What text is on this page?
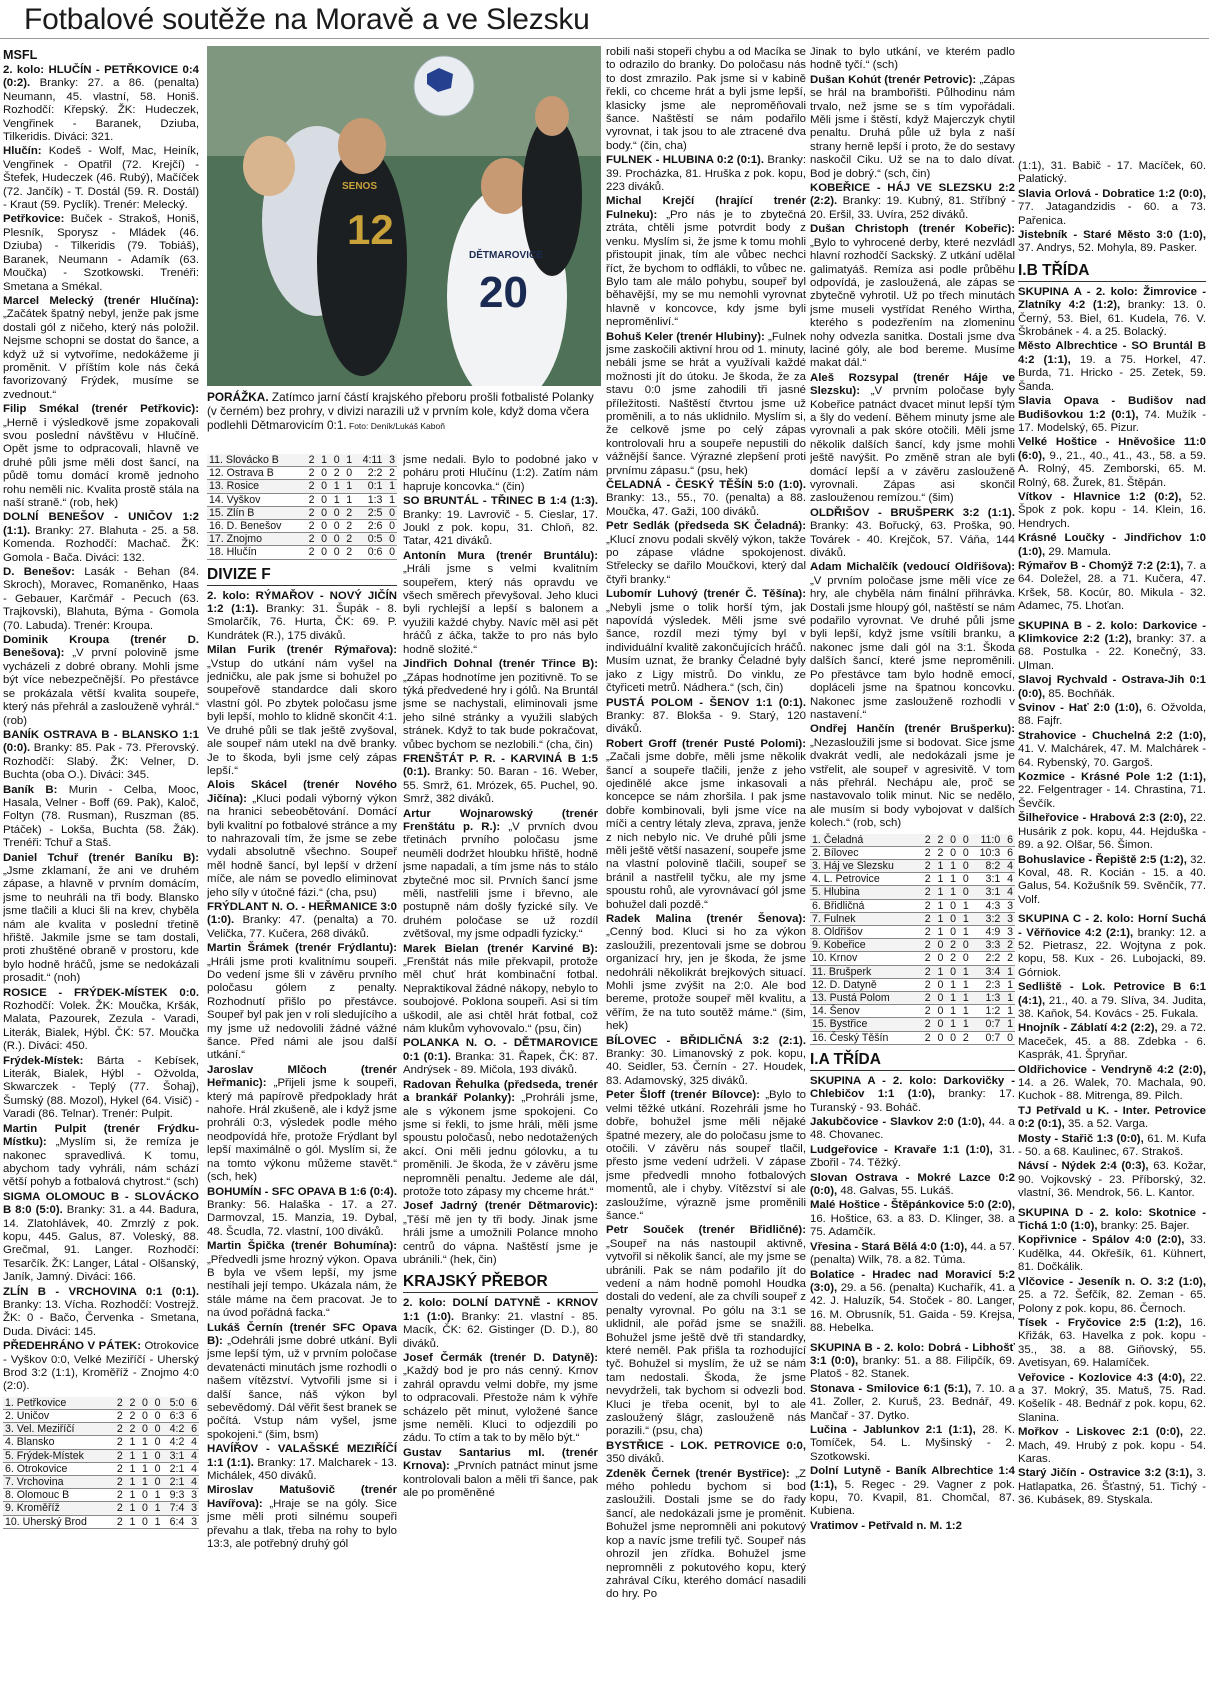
Fotbalové soutěže na Moravě a ve Slezsku
MSFL

2. kolo: HLUČÍN - PETŘKOVICE 0:4 (0:2). Branky: 27. a 86. (penalta) Neumann, 45. vlastní, 58. Honiš. Rozhodčí: Křepský. ŽK: Hudeczek, Vengřinek - Baranek, Dziuba, Tilkeridis. Diváci: 321.

Hlučín: Kodeš - Wolf, Mac, Heiník, Vengřinek - Opatřil (72. Krejčí) - Štefek, Hudeczek (46. Rubý), Mačíček (72. Jančík) - T. Dostál (59. R. Dostál) - Kraut (59. Pyclík). Trenér: Melecký.

Petřkovice: Buček - Strakoš, Honiš, Plesník, Sporysz - Mládek (46. Dziuba) - Tilkeridis (79. Tobiáš), Baranek, Neumann - Adamík (63. Moučka) - Szotkowski. Trenéři: Smetana a Smékal.

Marcel Melecký (trenér Hlučína): „Začátek špatný nebyl, jenže pak jsme dostali gól z ničeho, který nás položil. Nejsme schopni se dostat do šance, a když už si vytvoříme, nedokážeme ji proměnit. V příštím kole nás čeká favorizovaný Frýdek, musíme se zvednout.“

Filip Smékal (trenér Petřkovic): „Herně i výsledkově jsme zopakovali svou poslední návštěvu v Hlučíně. Opět jsme to odpracovali, hlavně ve druhé půli jsme měli dost šancí, na půdě tomu domácí kromě jednoho rohu neměli nic. Kvalita prostě stála na naší straně.“ (rob, hek)

DOLNÍ BENEŠOV - UNIČOV 1:2 (1:1). Branky: 27. Blahuta - 25. a 58. Komenda. Rozhodčí: Machač. ŽK: Gomola - Bača. Diváci: 132.

D. Benešov: Lasák - Behan (84. Skroch), Moravec, Romaněnko, Haas - Gebauer, Karčmář - Pecuch (63. Trajkovski), Blahuta, Býma - Gomola (70. Labuda). Trenér: Kroupa.

Dominik Kroupa (trenér D. Benešova): „V první polovině jsme vycházeli z dobré obrany. Mohli jsme být více nebezpečnější. Po přestávce se prokázala větší kvalita soupeře, který nás přehrál a zaslouženě vyhrál.“ (rob)

BANÍK OSTRAVA B - BLANSKO 1:1 (0:0). Branky: 85. Pak - 73. Přerovský. Rozhodčí: Slabý. ŽK: Velner, D. Buchta (oba O.). Diváci: 345.

Baník B: Murin - Celba, Mooc, Hasala, Velner - Boff (69. Pak), Kaloč, Foltyn (78. Rusman), Ruszman (85. Ptáček) - Lokša, Buchta (58. Žák). Trenéři: Tchuř a Staš.

Daniel Tchuř (trenér Baníku B): „Jsme zklamaní, že ani ve druhém zápase, a hlavně v prvním domácím, jsme to neuhráli na tři body. Blansko jsme tlačili a kluci šli na krev, chyběla nám ale kvalita v poslední třetině hřiště. Jakmile jsme se tam dostali, proti zhuštěné obraně v prostoru, kde bylo hodně hráčů, jsme se nedokázali prosadit.“ (noh)

ROSICE - FRÝDEK-MÍSTEK 0:0. Rozhodčí: Volek. ŽK: Moučka, Kršák, Malata, Pazourek, Zezula - Varadi, Literák, Bialek, Hýbl. ČK: 57. Moučka (R.). Diváci: 450.

Frýdek-Místek: Bárta - Kebísek, Literák, Bialek, Hýbl - Ožvolda, Skwarczek - Teplý (77. Šohaj), Šumský (88. Mozol), Hykel (64. Visič) - Varadi (86. Telnar). Trenér: Pulpit.

Martin Pulpit (trenér Frýdku-Místku): „Myslím si, že remíza je nakonec spravedlivá. K tomu, abychom tady vyhráli, nám schází větší pohyb a fotbalová chytrost.“ (sch)

SIGMA OLOMOUC B - SLOVÁCKO B 8:0 (5:0). Branky: 31. a 44. Badura, 14. Zlatohlávek, 40. Zmrzlý z pok. kopu, 445. Galus, 87. Voleský, 88. Grečmal, 91. Langer. Rozhodčí: Tesarčík. ŽK: Langer, Látal - Olšanský, Janík, Jamný. Diváci: 166.

ZLÍN B - VRCHOVINA 0:1 (0:1). Branky: 13. Vícha. Rozhodčí: Vostrejž. ŽK: 0 - Bačo, Červenka - Smetana, Duda. Diváci: 145.

PŘEDEHRÁNO V PÁTEK: Otrokovice - Vyškov 0:0, Velké Meziříčí - Uherský Brod 3:2 (1:1), Kroměříž - Znojmo 4:0 (2:0).

1. Petřkovice	2	2	0	0	5:0	6
2. Uničov	2	2	0	0	6:3	6
3. Vel. Meziříčí	2	2	0	0	4:2	6
4. Blansko	2	1	1	0	4:2	4
5. Frýdek-Místek	2	1	1	0	3:1	4
6. Otrokovice	2	1	1	0	2:1	4
7. Vrchovina	2	1	1	0	2:1	4
8. Olomouc B	2	1	0	1	9:3	3
9. Kroměříž	2	1	0	1	7:4	3
10. Uherský Brod	2	1	0	1	6:4	3
12
SENOS
20
DĚTMAROVICE
PORÁŽKA. Zatímco jarní částí krajského přeboru prošli fotbalisté Polanky (v černém) bez prohry, v divizi narazili už v prvním kole, když doma včera podlehli Dětmarovicím 0:1. Foto: Deník/Lukáš Kaboň
11. Slovácko B	2	1	0	1	4:11	3
12. Ostrava B	2	0	2	0	2:2	2
13. Rosice	2	0	1	1	0:1	1
14. Vyškov	2	0	1	1	1:3	1
15. Zlín B	2	0	0	2	2:5	0
16. D. Benešov	2	0	0	2	2:6	0
17. Znojmo	2	0	0	2	0:5	0
18. Hlučín	2	0	0	2	0:6	0
DIVIZE F

2. kolo: RÝMAŘOV - NOVÝ JIČÍN 1:2 (1:1). Branky: 31. Šupák - 8. Smolarčík, 76. Hurta, ČK: 69. P. Kundrátek (R.), 175 diváků.

Milan Furik (trenér Rýmařova): „Vstup do utkání nám vyšel na jedničku, ale pak jsme si bohužel po soupeřově standardce dali skoro vlastní gól. Po zbytek poločasu jsme byli lepší, mohlo to klidně skončit 4:1. Ve druhé půli se tlak ještě zvyšoval, ale soupeř nám utekl na dvě branky. Je to škoda, byli jsme celý zápas lepší.“

Alois Skácel (trenér Nového Jičína): „Kluci podali výborný výkon na hranici sebeobětování. Domácí byli kvalitní po fotbalové stránce a my to nahrazovali tím, že jsme se zebe vydali absolutně všechno. Soupeř měl hodně šancí, byl lepší v držení míče, ale nám se povedlo eliminovat jeho síly v útočné fázi.“ (cha, psu)

FRÝDLANT N. O. - HEŘMANICE 3:0 (1:0). Branky: 47. (penalta) a 70. Velička, 77. Kučera, 268 diváků.

Martin Šrámek (trenér Frýdlantu): „Hráli jsme proti kvalitnímu soupeři. Do vedení jsme šli v závěru prvního poločasu gólem z penalty. Rozhodnutí přišlo po přestávce. Soupeř byl pak jen v roli sledujícího a my jsme už nedovolili žádné vážné šance. Před námi ale jsou další utkání.“

Jaroslav Mlčoch (trenér Heřmanic): „Přijeli jsme k soupeři, který má papírově předpoklady hrát nahoře. Hrál zkušeně, ale i když jsme prohráli 0:3, výsledek podle mého neodpovídá hře, protože Frýdlant byl lepší maximálně o gól. Myslím si, že na tomto výkonu můžeme stavět.“ (sch, hek)

BOHUMÍN - SFC OPAVA B 1:6 (0:4). Branky: 56. Halaška - 17. a 27. Darmovzal, 15. Manzia, 19. Dybal, 48. Šcudla, 72. vlastní, 100 diváků.

Martin Špička (trenér Bohumína): „Předvedli jsme hrozný výkon. Opava B byla ve všem lepší, my jsme nestíhali její tempo. Ukázala nám, že stále máme na čem pracovat. Je to na úvod pořádná facka.“

Lukáš Černín (trenér SFC Opava B): „Odehráli jsme dobré utkání. Byli jsme lepší tým, už v prvním poločase devatenácti minutách jsme rozhodli o našem vítězství. Vytvořili jsme si i další šance, náš výkon byl sebevědomý. Dál věřit šest branek se počítá. Vstup nám vyšel, jsme spokojeni.“ (šim, bsm)

HAVÍŘOV - VALAŠSKÉ MEZIŘÍČÍ 1:1 (1:1). Branky: 17. Malcharek - 13. Michálek, 450 diváků.

Miroslav Matušovič (trenér Havířova): „Hraje se na góly. Sice jsme měli proti silnému soupeři převahu a tlak, třeba na rohy to bylo 13:3, ale potřebný druhý gól

jsme nedali. Bylo to podobné jako v poháru proti Hlučínu (1:2). Zatím nám hapruje koncovka.“ (čin)

SO BRUNTÁL - TŘINEC B 1:4 (1:3). Branky: 19. Lavrovič - 5. Cieslar, 17. Joukl z pok. kopu, 31. Chloň, 82. Tatar, 421 diváků.

Antonín Mura (trenér Bruntálu): „Hráli jsme s velmi kvalitním soupeřem, který nás opravdu ve všech směrech převyšoval. Jeho kluci byli rychlejší a lepší s balonem a využili každé chyby. Navíc měl asi pět hráčů z áčka, takže to pro nás bylo hodně složité.“

Jindřich Dohnal (trenér Třince B): „Zápas hodnotíme jen pozitivně. To se týká předvedené hry i gólů. Na Bruntál jsme se nachystali, eliminovali jsme jeho silné stránky a využili slabých stránek. Když to tak bude pokračovat, vůbec bychom se nezlobili.“ (cha, čin)

FRENŠTÁT P. R. - KARVINÁ B 1:5 (0:1). Branky: 50. Baran - 16. Weber, 55. Smrž, 61. Mrózek, 65. Puchel, 90. Smrž, 382 diváků.

Artur Wojnarowský (trenér Frenštátu p. R.): „V prvních dvou třetinách prvního poločasu jsme neuměli dodržet hloubku hřiště, hodně jsme napadali, a tím jsme nás to stálo zbytečné moc sil. Prvních šancí jsme měli, nastřelili jsme i břevno, ale postupně nám došly fyzické síly. Ve druhém poločase se už rozdíl zvětšoval, my jsme odpadli fyzicky.“

Marek Bielan (trenér Karviné B): „Frenštát nás mile překvapil, protože měl chuť hrát kombinační fotbal. Nepraktikoval žádné nákopy, nebylo to soubojové. Poklona soupeři. Asi si tím uškodil, ale asi chtěl hrát fotbal, což nám klukům vyhovovalo.“ (psu, čin)

POLANKA N. O. - DĚTMAROVICE 0:1 (0:1). Branka: 31. Řapek, ČK: 87. Andrýsek - 89. Mičola, 193 diváků.

Radovan Řehulka (předseda, trenér a brankář Polanky): „Prohráli jsme, ale s výkonem jsme spokojeni. Co jsme si řekli, to jsme hráli, měli jsme spoustu poločasů, nebo nedotažených akcí. Oni měli jednu gólovku, a tu proměnili. Je škoda, že v závěru jsme nepromněli penaltu. Jedeme ale dál, protože toto zápasy my chceme hrát.“

Josef Jadrný (trenér Dětmarovic): „Těší mě jen ty tři body. Jinak jsme hráli jsme a umožnili Polance mnoho centrů do vápna. Naštěstí jsme je ubránili.“ (hek, čin)

KRAJSKÝ PŘEBOR

2. kolo: DOLNÍ DATYNĚ - KRNOV 1:1 (1:0). Branky: 21. vlastní - 85. Macík, ČK: 62. Gistinger (D. D.), 80 diváků.

Josef Čermák (trenér D. Datyně): „Každý bod je pro nás cenný. Krnov zahrál opravdu velmi dobře, my jsme to odpracovali. Přestože nám k výhře scházelo pět minut, vyložené šance jsme neměli. Kluci to odjezdili po zádu. To ctím a tak to by mělo být.“

Gustav Santarius ml. (trenér Krnova): „Prvních patnáct minut jsme kontrolovali balon a měli tři šance, pak ale po proměněné

robili naši stopeři chybu a od Macíka se to odrazilo do branky. Do poločasu nás to dost zmrazilo. Pak jsme si v kabině řekli, co chceme hrát a byli jsme lepší, klasicky jsme ale neproměňovali šance. Naštěstí se nám podařilo vyrovnat, i tak jsou to ale ztracené dva body.“ (čin, cha)

FULNEK - HLUBINA 0:2 (0:1). Branky: 39. Procházka, 81. Hruška z pok. kopu, 223 diváků.

Michal Krejčí (hrající trenér Fulneku): „Pro nás je to zbytečná ztráta, chtěli jsme potvrdit body z venku. Myslím si, že jsme k tomu mohli přistoupit jinak, tím ale vůbec nechci říct, že bychom to odflákli, to vůbec ne. Bylo tam ale málo pohybu, soupeř byl běhavější, my se mu nemohli vyrovnat hlavně v koncovce, kdy jsme byli neproměnliví.“

Bohuš Keler (trenér Hlubiny): „Fulnek jsme zaskočili aktivní hrou od 1. minuty, nebáli jsme se hrát a využívali každé možnosti jít do útoku. Je škoda, že za stavu 0:0 jsme zahodili tři jasné příležitosti. Naštěstí čtvrtou jsme už proměnili, a to nás uklidnilo. Myslím si, že celkově jsme po celý zápas kontrolovali hru a soupeře nepustili do vážnější šance. Výrazné zlepšení proti prvnímu zápasu.“ (psu, hek)

ČELADNÁ - ČESKÝ TĚŠÍN 5:0 (1:0). Branky: 13., 55., 70. (penalta) a 88. Moučka, 47. Gaži, 100 diváků.

Petr Sedlák (předseda SK Čeladná): „Klucí znovu podali skvělý výkon, takže po zápase vládne spokojenost. Střelecky se dařilo Moučkovi, který dal čtyři branky.“

Lubomír Luhový (trenér Č. Těšína): „Nebyli jsme o tolik horší tým, jak napovídá výsledek. Měli jsme své šance, rozdíl mezi týmy byl v individuální kvalitě zakončujících hráčů. Musím uznat, že branky Čeladné byly jako z Ligy mistrů. Do vinklu, ze čtyřiceti metrů. Nádhera.“ (sch, čin)

PUSTÁ POLOM - ŠENOV 1:1 (0:1). Branky: 87. Blokša - 9. Starý, 120 diváků.

Robert Groff (trenér Pusté Polomi): „Začali jsme dobře, měli jsme několik šancí a soupeře tlačili, jenže z jeho ojedinělé akce jsme inkasovali a koncepce se nám zhoršila. I pak jsme dobře kombinovali, byli jsme více na míči a centry létaly zleva, zprava, jenže z nich nebylo nic. Ve druhé půli jsme měli ještě větší nasazení, soupeře jsme na vlastní polovině tlačili, soupeř se bránil a nastřelil tyčku, ale my jsme spoustu rohů, ale vyrovnávací gól jsme bohužel dali pozdě.“

Radek Malina (trenér Šenova): „Cenný bod. Kluci si ho za výkon zasloužili, prezentovali jsme se dobrou organizací hry, jen je škoda, že jsme nedohráli několikrát brejkových situací. Mohli jsme zvýšit na 2:0. Ale bod bereme, protože soupeř měl kvalitu, a věřím, že na tuto soutěž máme.“ (šim, hek)

BÍLOVEC - BŘIDLIČNÁ 3:2 (2:1). Branky: 30. Limanovský z pok. kopu, 40. Seidler, 53. Černín - 27. Houdek, 83. Adamovský, 325 diváků.

Peter Šloff (trenér Bílovce): „Bylo to velmi těžké utkání. Rozehráli jsme ho dobře, bohužel jsme měli nějaké špatné mezery, ale do poločasu jsme to otočili. V závěru nás soupeř tlačil, přesto jsme vedení udrželi. V zápase jsme předvedli mnoho fotbalových momentů, ale i chyby. Vítězství si ale zasloužíme, výrazně jsme proměnili šance.“

Petr Souček (trenér Břidličné): „Soupeř na nás nastoupil aktivně, vytvořil si několik šancí, ale my jsme se ubránili. Pak se nám podařilo jít do vedení a nám hodně pomohl Houdka dostali do vedení, ale za chvíli soupeř z penalty vyrovnal. Po gólu na 3:1 se uklidnil, ale pořád jsme se snažili. Bohužel jsme ještě dvě tři standardky, které neměl. Pak přišla ta rozhodující tyč. Bohužel si myslím, že už se nám tam nedostali. Škoda, že jsme nevydrželi, tak bychom si odvezli bod. Kluci je třeba ocenit, byl to ale zasloužený šlágr, zaslouženě nás porazili.“ (psu, cha)

BYSTŘICE - LOK. PETROVICE 0:0, 350 diváků.

Zdeněk Černek (trenér Bystřice): „Z mého pohledu bychom si bod zasloužili. Dostali jsme se do řady šancí, ale nedokázali jsme je proměnit. Bohužel jsme nepromněli ani pokutový kop a navíc jsme trefili tyč. Soupeř nás ohrozil jen zřídka. Bohužel jsme nepromněli z pokutového kopu, který zahrával Cíku, kterého domácí nasadili do hry. Po

Jinak to bylo utkání, ve kterém padlo hodně tyčí.“ (sch)

Dušan Kohút (trenér Petrovic): „Zápas se hrál na brambořišti. Půlhodinu nám trvalo, než jsme se s tím vypořádali. Měli jsme i štěstí, když Majerczyk chytil penaltu. Druhá půle už byla z naší strany herně lepší i proto, že do sestavy naskočil Ciku. Už se na to dalo dívat. Bod je dobrý.“ (sch, čin)

KOBEŘICE - HÁJ VE SLEZSKU 2:2 (2:2). Branky: 19. Kubný, 81. Stříbný - 20. Eršil, 33. Uvíra, 252 diváků.

Dušan Christoph (trenér Kobeřic): „Bylo to vyhrocené derby, které nezvládl hlavní rozhodčí Sackský. Z utkání udělal galimatyáš. Remíza asi podle průběhu odpovídá, je zasloužená, ale zápas se zbytečně vyhrotil. Už po třech minutách jsme museli vystřídat Reného Wirtha, kterého s podezřením na zlomeninu nohy odvezla sanitka. Dostali jsme dva laciné góly, ale bod bereme. Musíme makat dál.“

Aleš Rozsypal (trenér Háje ve Slezsku): „V prvním poločase byly Kobeřice patnáct dvacet minut lepší tým a šly do vedení. Během minuty jsme ale vyrovnali a pak skóre otočili. Měli jsme několik dalších šancí, kdy jsme mohli ještě navýšit. Po změně stran ale byli domácí lepší a v závěru zaslouženě vyrovnali. Zápas asi skončil zaslouženou remízou.“ (šim)

OLDŘIŠOV - BRUŠPERK 3:2 (1:1). Branky: 43. Bořucký, 63. Proška, 90. Továrek - 40. Krejčok, 57. Váňa, 144 diváků.

Adam Michalčík (vedoucí Oldřišova): „V prvním poločase jsme měli více ze hry, ale chyběla nám finální přihrávka. Dostali jsme hloupý gól, naštěstí se nám podařilo vyrovnat. Ve druhé půli jsme byli lepší, když jsme vsítili branku, a nakonec jsme dali gól na 3:1. Škoda dalších šancí, které jsme neproměnili. Po přestávce tam bylo hodně emocí, dopláceli jsme na špatnou koncovku. Nakonec jsme zaslouženě rozhodli v nastavení.“

Ondřej Hančín (trenér Brušperku): „Nezasloužili jsme si bodovat. Sice jsme dvakrát vedli, ale nedokázali jsme je vstřelit, ale soupeř v agresivitě. V tom nás přehrál. Nechápu ale, proč se nastavovalo tolik minut. Nic se nedělo, ale musím si body vybojovat v dalších kolech.“ (rob, sch)

1. Čeladná	2	2	0	0	11:0	6
2. Bílovec	2	2	0	0	10:3	6
3. Háj ve Slezsku	2	1	1	0	8:2	4
4. L. Petrovice	2	1	1	0	3:1	4
5. Hlubina	2	1	1	0	3:1	4
6. Břidličná	2	1	0	1	4:3	3
7. Fulnek	2	1	0	1	3:2	3
8. Oldřišov	2	1	0	1	4:9	3
9. Kobeřice	2	0	2	0	3:3	2
10. Krnov	2	0	2	0	2:2	2
11. Brušperk	2	1	0	1	3:4	1
12. D. Datyně	2	0	1	1	2:3	1
13. Pustá Polom	2	0	1	1	1:3	1
14. Šenov	2	0	1	1	1:2	1
15. Bystřice	2	0	1	1	0:7	1
16. Český Těšín	2	0	0	2	0:7	0
I.A TŘÍDA

SKUPINA A - 2. kolo: Darkovičky - Chlebičov 1:1 (1:0), branky: 17. Turanský - 93. Boháč.

Jakubčovice - Slavkov 2:0 (1:0), 44. a 48. Chovanec.

Ludgeřovice - Kravaře 1:1 (1:0), 31. Zbořil - 74. Těžký.

Slovan Ostrava - Mokré Lazce 0:2 (0:0), 48. Galvas, 55. Lukáš.

Malé Hoštice - Štěpánkovice 5:0 (2:0), 16. Hoštice, 63. a 83. D. Klinger, 38. a 75. Adamčík.

Vřesina - Stará Bělá 4:0 (1:0), 44. a 57. (penalta) Wilk, 78. a 82. Túma.

Bolatice - Hradec nad Moravicí 5:2 (3:0), 29. a 56. (penalta) Kuchařík, 41. a 42. J. Haluzík, 54. Stoček - 80. Langer, 16. M. Obrusník, 51. Gaida - 59. Krejsa, 88. Hebelka.

SKUPINA B - 2. kolo: Dobrá - Libhošť 3:1 (0:0), branky: 51. a 88. Filipčík, 69. Platoš - 82. Stanek.

Stonava - Smilovice 6:1 (5:1), 7. 10. a 41. Zoller, 2. Kuruš, 23. Bednář, 49. Mančař - 37. Dytko.

Lučina - Jablunkov 2:1 (1:1), 28. K. Tomíček, 54. L. Myšinský - 2. Szotkowski.

Dolní Lutyně - Baník Albrechtice 1:4 (1:1), 5. Regec - 29. Vagner z pok. kopu, 70. Kvapil, 81. Chomčal, 87. Kubiena.

Vratimov - Petřvald n. M. 1:2

(1:1), 31. Babič - 17. Macíček, 60. Palatický.

Slavia Orlová - Dobratice 1:2 (0:0), 77. Jatagandzidis - 60. a 73. Pařenica.

Jistebník - Staré Město 3:0 (1:0), 37. Andrys, 52. Mohyla, 89. Pasker.

I.B TŘÍDA

SKUPINA A - 2. kolo: Žimrovice - Zlatníky 4:2 (1:2), branky: 13. 0. Černý, 53. Biel, 61. Kudela, 76. V. Škrobánek - 4. a 25. Bolacký.

Město Albrechtice - SO Bruntál B 4:2 (1:1), 19. a 75. Horkel, 47. Burda, 71. Hricko - 25. Zetek, 59. Šanda.

Slavia Opava - Budišov nad Budišovkou 1:2 (0:1), 74. Mužík - 17. Modelský, 65. Pizur.

Velké Hoštice - Hněvošice 11:0 (6:0), 9., 21., 40., 41., 43., 58. a 59. A. Rolný, 45. Zemborski, 65. M. Rolný, 68. Žurek, 81. Štěpán.

Vítkov - Hlavnice 1:2 (0:2), 52. Špok z pok. kopu - 14. Klein, 16. Hendrych.

Krásné Loučky - Jindřichov 1:0 (1:0), 29. Mamula.

Rýmařov B - Chomýž 7:2 (2:1), 7. a 64. Doležel, 28. a 71. Kučera, 47. Kršek, 58. Kocúr, 80. Mikula - 32. Adamec, 75. Lhoťan.

SKUPINA B - 2. kolo: Darkovice - Klimkovice 2:2 (1:2), branky: 37. a 68. Postulka - 22. Konečný, 33. Ulman.

Slavoj Rychvald - Ostrava-Jih 0:1 (0:0), 85. Bochňák.

Svinov - Hať 2:0 (1:0), 6. Ožvolda, 88. Fajfr.

Strahovice - Chuchelná 2:2 (1:0), 41. V. Malchárek, 47. M. Malchárek - 64. Rybenský, 70. Gargoš.

Kozmice - Krásné Pole 1:2 (1:1), 22. Felgentrager - 14. Chrastina, 71. Ševčík.

Šilheřovice - Hrabová 2:3 (2:0), 22. Husárik z pok. kopu, 44. Hejduška - 89. a 92. Olšar, 56. Šimon.

Bohuslavice - Řepiště 2:5 (1:2), 32. Koval, 48. R. Kocián - 15. a 40. Galus, 54. Kožušník 59. Svěnčík, 77. Volf.

SKUPINA C - 2. kolo: Horní Suchá - Věřňovice 4:2 (2:1), branky: 12. a 52. Pietrasz, 22. Wojtyna z pok. kopu, 58. Kux - 26. Lubojacki, 89. Górniok.

Sedliště - Lok. Petrovice B 6:1 (4:1), 21., 40. a 79. Slíva, 34. Judita, 38. Kaňok, 54. Kovács - 25. Fukala.

Hnojník - Záblatí 4:2 (2:2), 29. a 72. Maceček, 45. a 88. Zdebka - 6. Kasprák, 41. Špryňar.

Oldřichovice - Vendryně 4:2 (2:0), 14. a 26. Walek, 70. Machala, 90. Kuchok - 88. Mitrenga, 89. Pilch.

TJ Petřvald u K. - Inter. Petrovice 0:2 (0:1), 35. a 52. Varga.

Mosty - Stařič 1:3 (0:0), 61. M. Kufa - 50. a 68. Kaulinec, 67. Strakoš.

Návsí - Nýdek 2:4 (0:3), 63. Kožar, 90. Vojkovský - 23. Příborský, 32. vlastní, 36. Mendrok, 56. L. Kantor.

SKUPINA D - 2. kolo: Skotnice - Tichá 1:0 (1:0), branky: 25. Bajer.

Kopřivnice - Spálov 4:0 (2:0), 33. Kudělka, 44. Okřešík, 61. Kühnert, 81. Dočkálik.

Vlčovice - Jeseník n. O. 3:2 (1:0), 25. a 72. Šefčík, 82. Zeman - 65. Polony z pok. kopu, 86. Černoch.

Tísek - Fryčovice 2:5 (1:2), 16. Křižák, 63. Havelka z pok. kopu - 35., 38. a 88. Giňovský, 55. Avetisyan, 69. Halamíček.

Veřovice - Kozlovice 4:3 (4:0), 22. a 37. Mokrý, 35. Matuš, 75. Rad. Košelík - 48. Bednář z pok. kopu, 62. Slanina.

Mořkov - Liskovec 2:1 (0:0), 22. Mach, 49. Hrubý z pok. kopu - 54. Karas.

Starý Jičín - Ostravice 3:2 (3:1), 3. Hatlapatka, 26. Šťastný, 51. Tichý - 36. Kubásek, 89. Styskala.
